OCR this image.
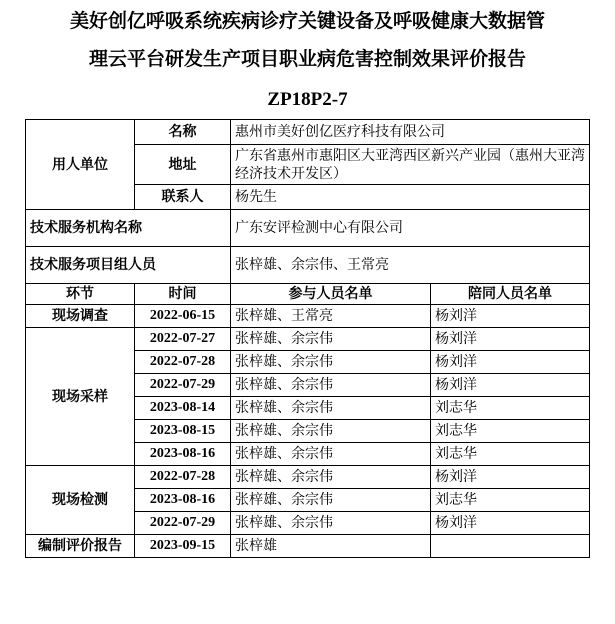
美好创亿呼吸系统疾病诊疗关键设备及呼吸健康大数据管
理云平台研发生产项目职业病危害控制效果评价报告
ZP18P2-7
用人单位	名称	惠州市美好创亿医疗科技有限公司	
	地址	广东省惠州市惠阳区大亚湾西区新兴产业园（惠州大亚湾经济技术开发区）	
	联系人	杨先生	
技术服务机构名称		广东安评检测中心有限公司	
技术服务项目组人员		张梓雄、余宗伟、王常亮	
环节	时间	参与人员名单	陪同人员名单
现场调查	2022-06-15	张梓雄、王常亮	杨刘洋
现场采样	2022-07-27	张梓雄、余宗伟	杨刘洋
	2022-07-28	张梓雄、余宗伟	杨刘洋
	2022-07-29	张梓雄、余宗伟	杨刘洋
	2023-08-14	张梓雄、余宗伟	刘志华
	2023-08-15	张梓雄、余宗伟	刘志华
	2023-08-16	张梓雄、余宗伟	刘志华
现场检测	2022-07-28	张梓雄、余宗伟	杨刘洋
	2023-08-16	张梓雄、余宗伟	刘志华
	2022-07-29	张梓雄、余宗伟	杨刘洋
编制评价报告	2023-09-15	张梓雄	
